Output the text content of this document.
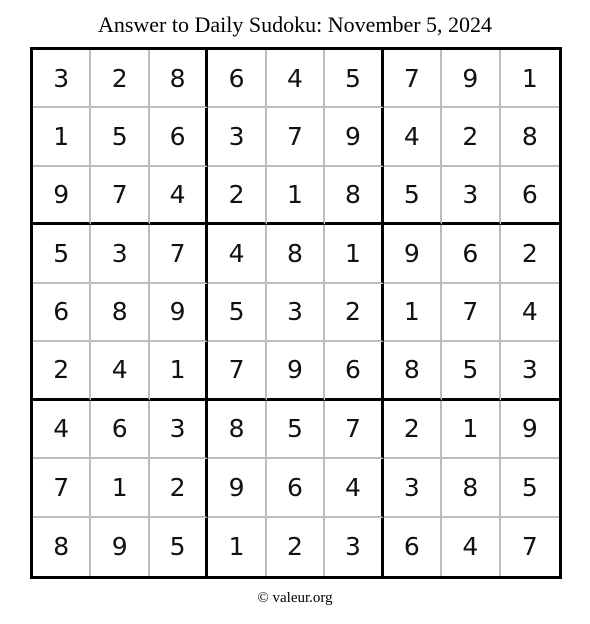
Answer to Daily Sudoku: November 5, 2024
3	2	8	6	4	5	7	9	1
1	5	6	3	7	9	4	2	8
9	7	4	2	1	8	5	3	6
5	3	7	4	8	1	9	6	2
6	8	9	5	3	2	1	7	4
2	4	1	7	9	6	8	5	3
4	6	3	8	5	7	2	1	9
7	1	2	9	6	4	3	8	5
8	9	5	1	2	3	6	4	7
© valeur.org
